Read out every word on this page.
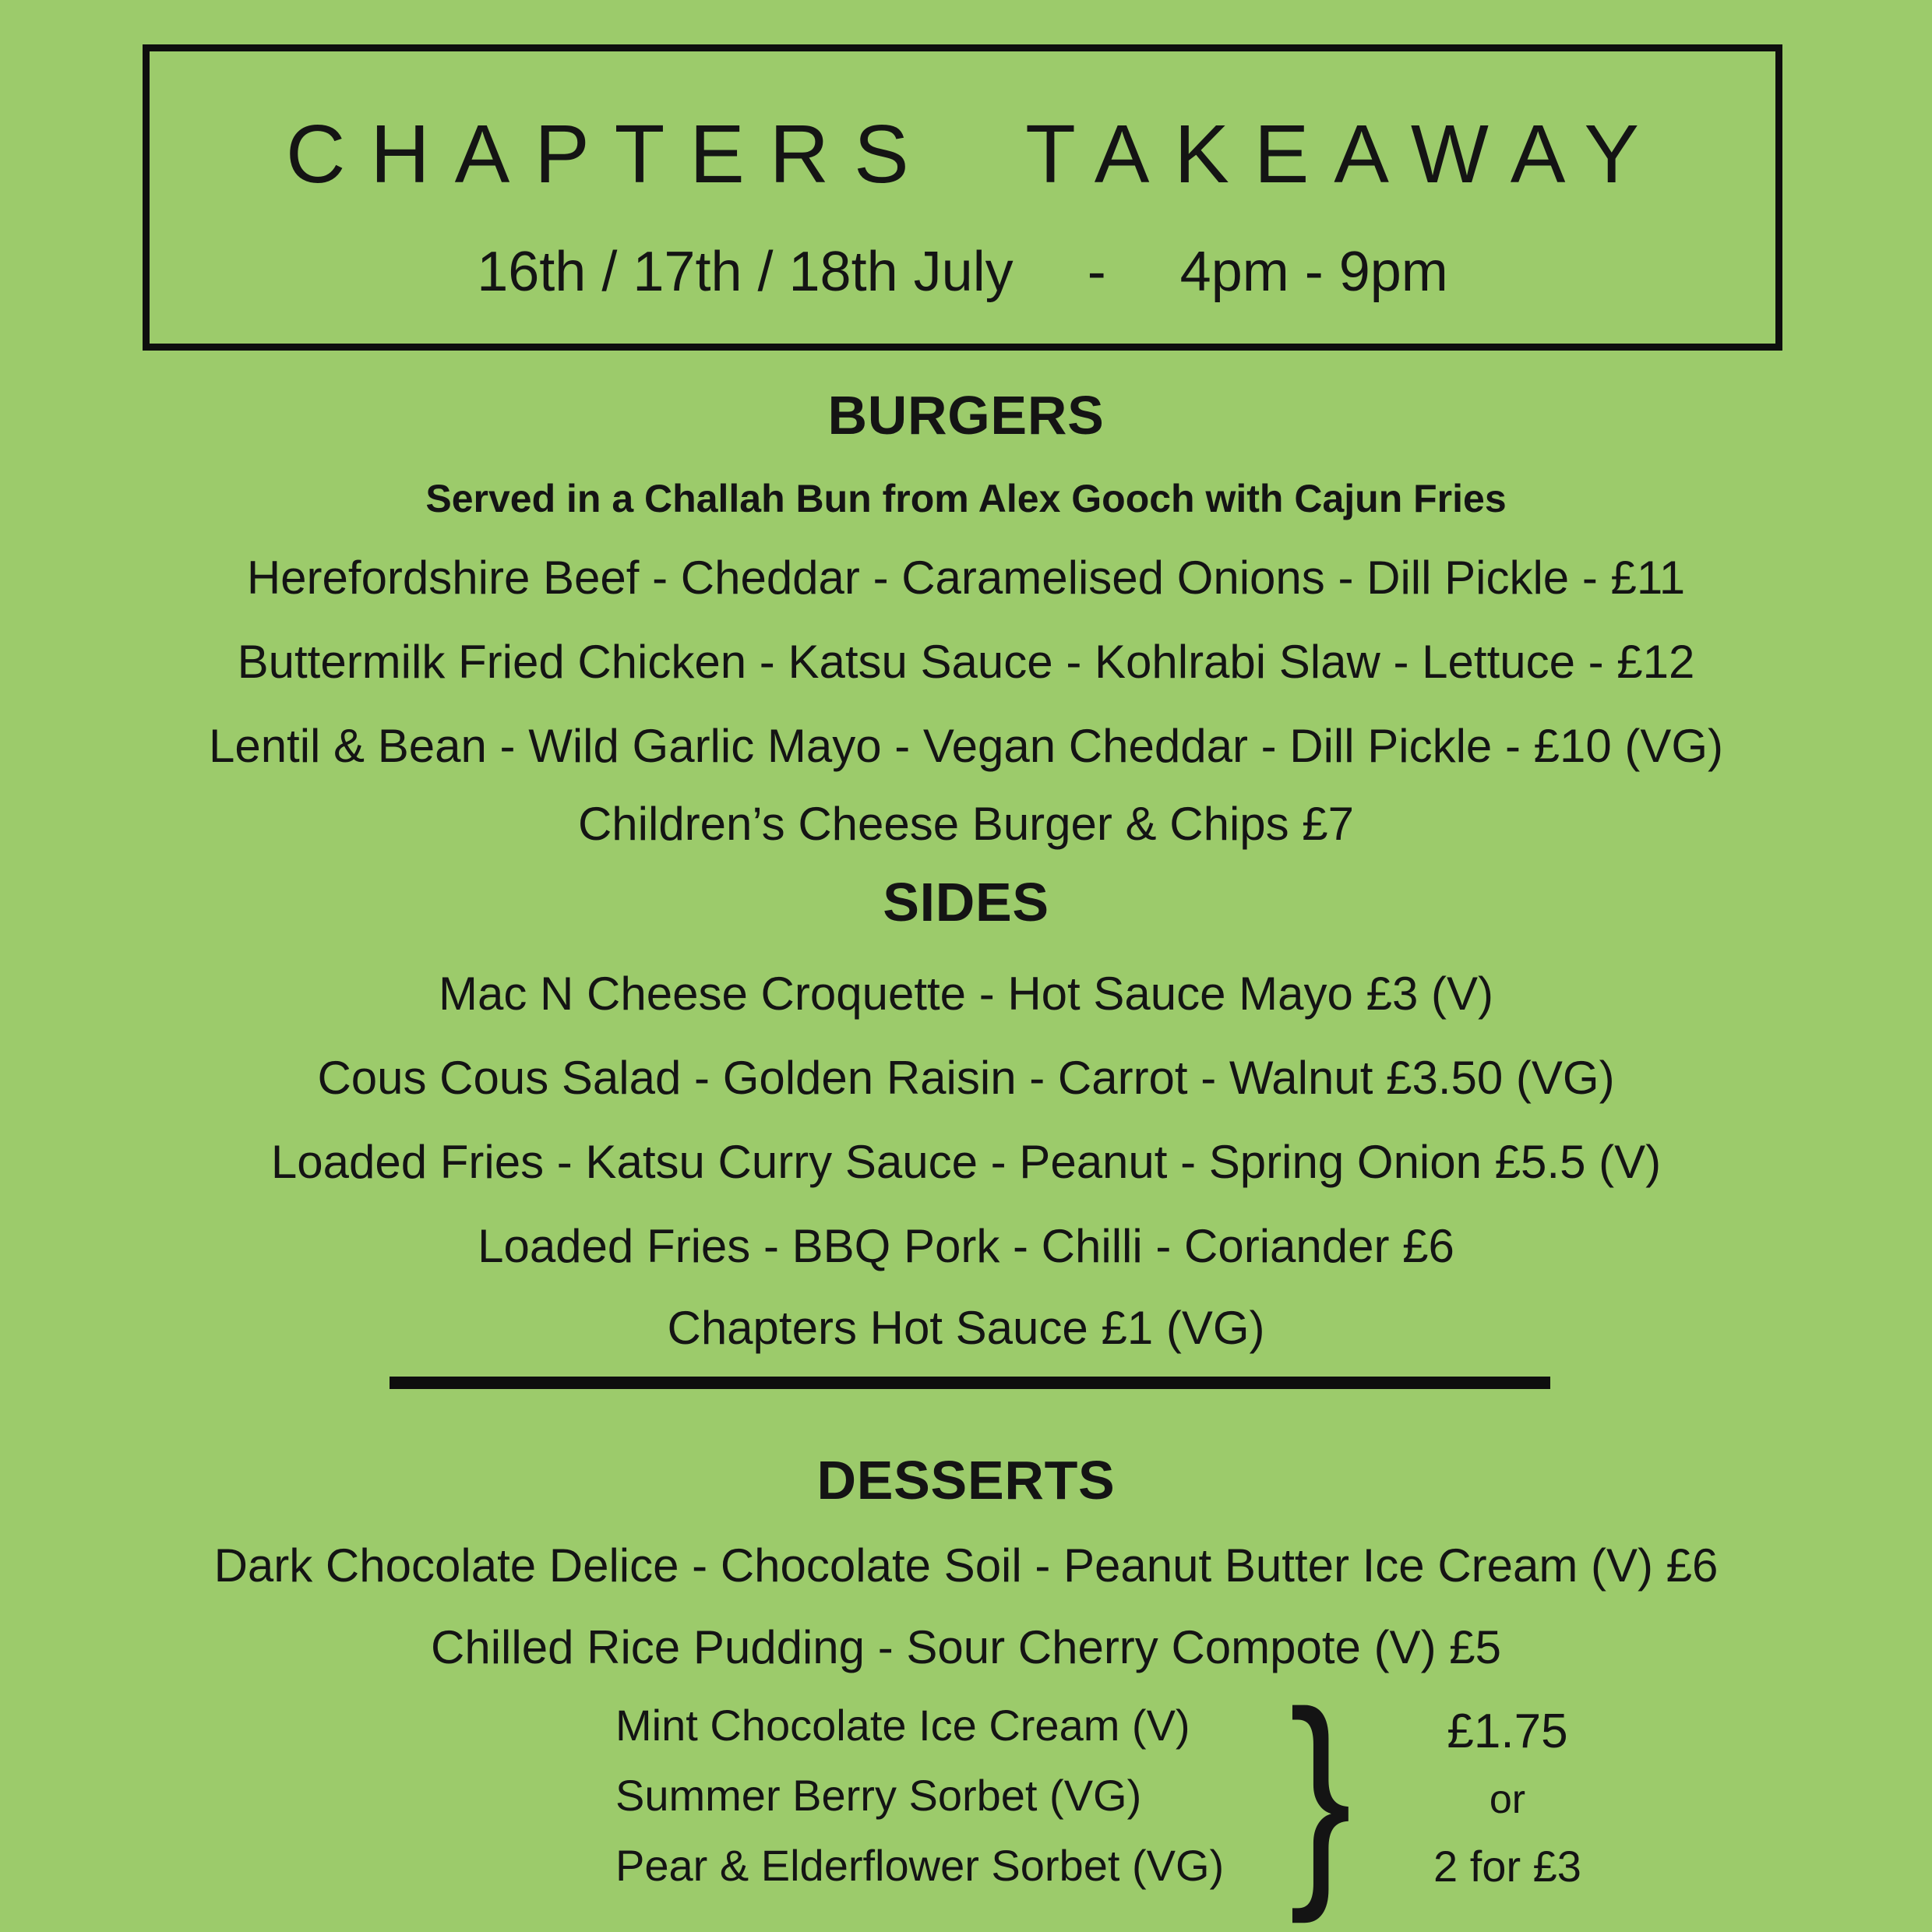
CHAPTERS TAKEAWAY
16th / 17th / 18th July - 4pm - 9pm
BURGERS
Served in a Challah Bun from Alex Gooch with Cajun Fries
Herefordshire Beef - Cheddar - Caramelised Onions - Dill Pickle - £11
Buttermilk Fried Chicken - Katsu Sauce - Kohlrabi Slaw - Lettuce - £12
Lentil & Bean - Wild Garlic Mayo - Vegan Cheddar - Dill Pickle - £10 (VG)
Children’s Cheese Burger & Chips £7
SIDES
Mac N Cheese Croquette - Hot Sauce Mayo £3 (V)
Cous Cous Salad - Golden Raisin - Carrot - Walnut £3.50 (VG)
Loaded Fries - Katsu Curry Sauce - Peanut - Spring Onion £5.5 (V)
Loaded Fries - BBQ Pork - Chilli - Coriander £6
Chapters Hot Sauce £1 (VG)
DESSERTS
Dark Chocolate Delice - Chocolate Soil - Peanut Butter Ice Cream (V) £6
Chilled Rice Pudding - Sour Cherry Compote (V) £5
Mint Chocolate Ice Cream (V)
Summer Berry Sorbet (VG)
Pear & Elderflower Sorbet (VG) }	£1.75
or
2 for £3
